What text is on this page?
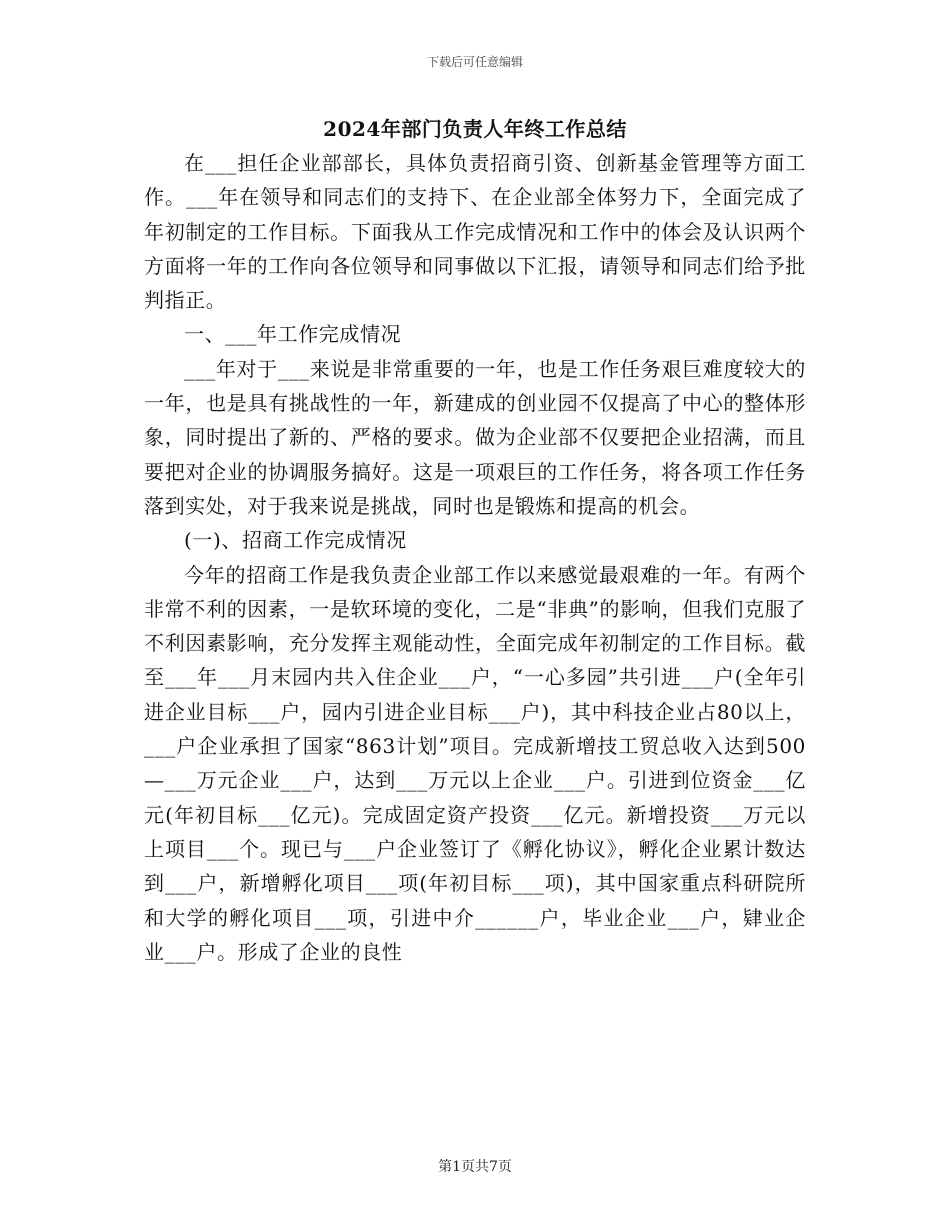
下载后可任意编辑
2024年部门负责人年终工作总结

在___担任企业部部长，具体负责招商引资、创新基金管理等方面工作。___年在领导和同志们的支持下、在企业部全体努力下，全面完成了年初制定的工作目标。下面我从工作完成情况和工作中的体会及认识两个方面将一年的工作向各位领导和同事做以下汇报，请领导和同志们给予批判指正。

一、___年工作完成情况

___年对于___来说是非常重要的一年，也是工作任务艰巨难度较大的一年，也是具有挑战性的一年，新建成的创业园不仅提高了中心的整体形象，同时提出了新的、严格的要求。做为企业部不仅要把企业招满，而且要把对企业的协调服务搞好。这是一项艰巨的工作任务，将各项工作任务落到实处，对于我来说是挑战，同时也是锻炼和提高的机会。

(一)、招商工作完成情况

今年的招商工作是我负责企业部工作以来感觉最艰难的一年。有两个非常不利的因素，一是软环境的变化，二是“非典”的影响，但我们克服了不利因素影响，充分发挥主观能动性，全面完成年初制定的工作目标。截至___年___月末园内共入住企业___户，“一心多园”共引进___户(全年引进企业目标___户，园内引进企业目标___户)，其中科技企业占80以上，___户企业承担了国家“863计划”项目。完成新增技工贸总收入达到500—___万元企业___户，达到___万元以上企业___户。引进到位资金___亿元(年初目标___亿元)。完成固定资产投资___亿元。新增投资___万元以上项目___个。现已与___户企业签订了《孵化协议》，孵化企业累计数达到___户，新增孵化项目___项(年初目标___项)，其中国家重点科研院所和大学的孵化项目___项，引进中介______户，毕业企业___户，肄业企业___户。形成了企业的良性

第1页共7页
